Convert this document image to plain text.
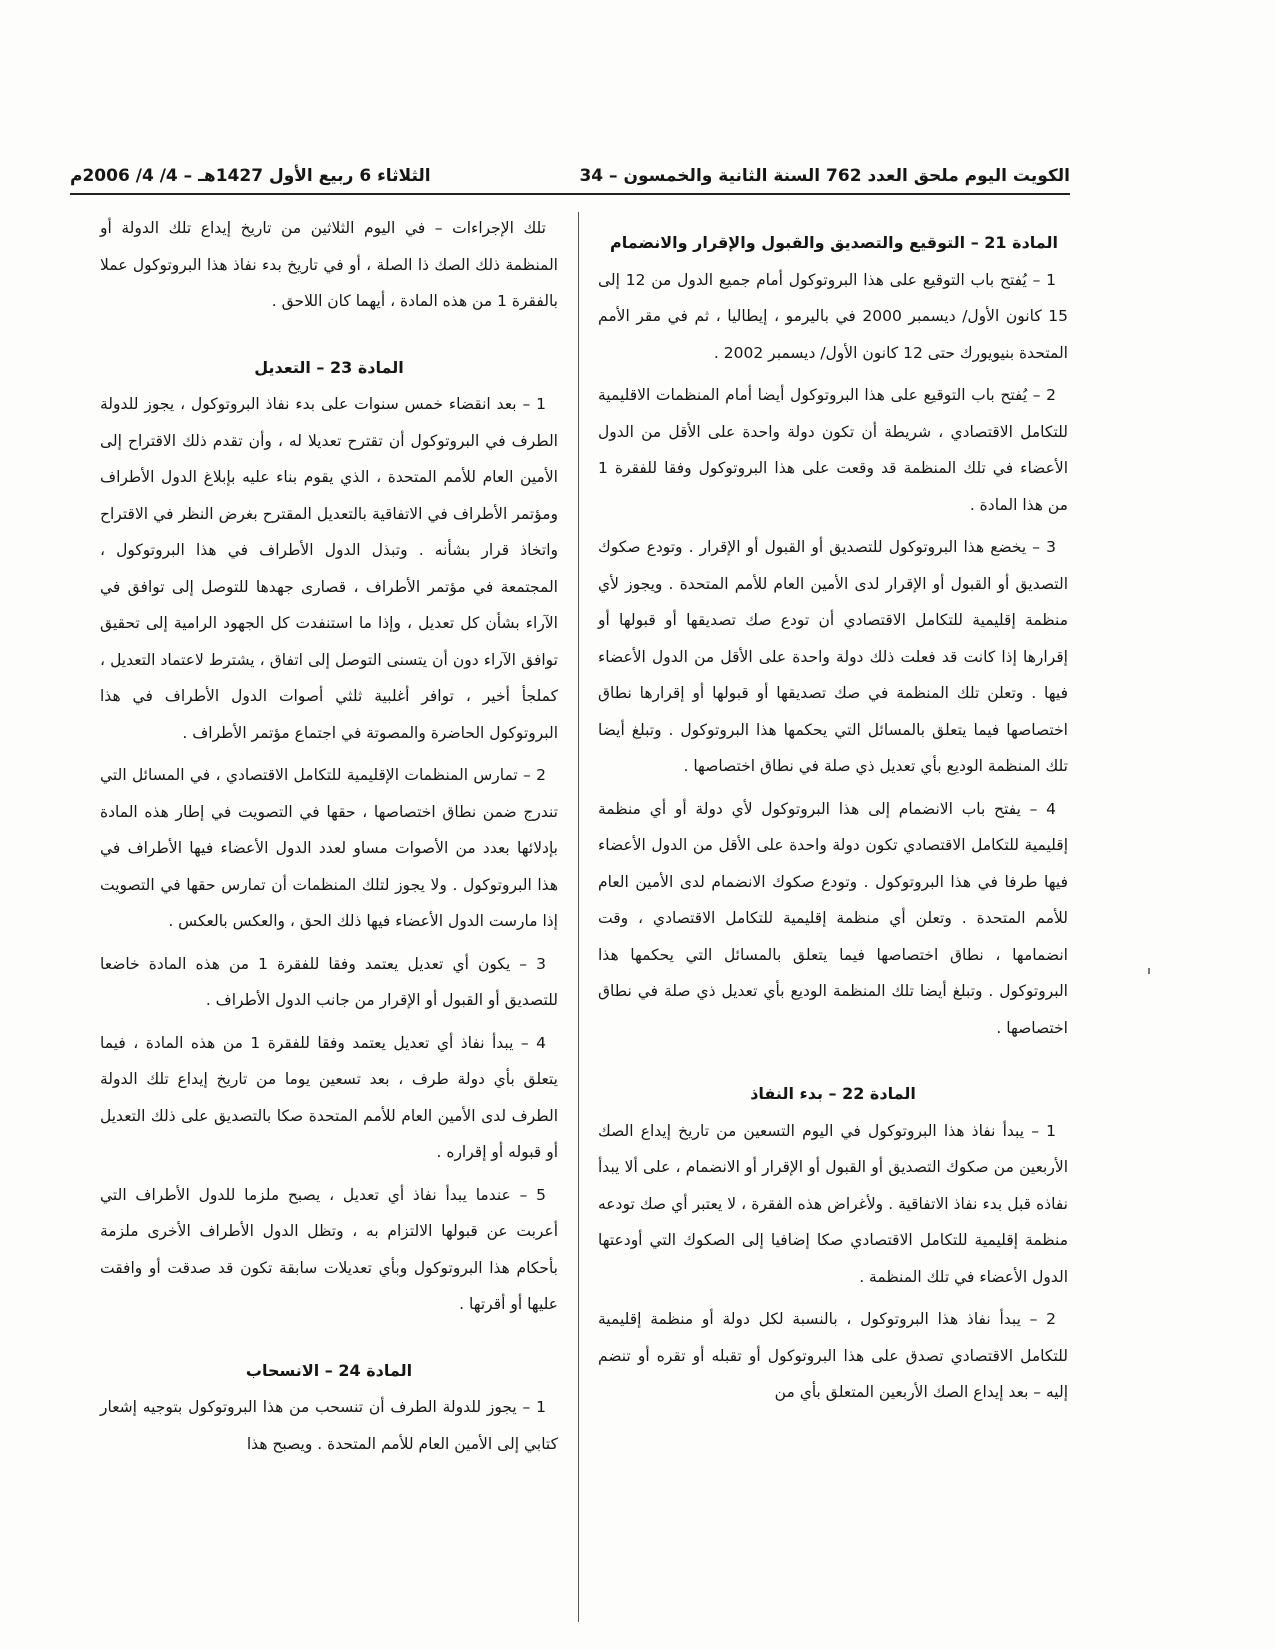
الكويت اليوم ملحق العدد 762 السنة الثانية والخمسون – 34
الثلاثاء 6 ربيع الأول 1427هـ – 4/ 4/ 2006م
المادة 21 – التوقيع والتصديق والقبول والإقرار والانضمام

1 – يُفتح باب التوقيع على هذا البروتوكول أمام جميع الدول من 12 إلى 15 كانون الأول/ ديسمبر 2000 في باليرمو ، إيطاليا ، ثم في مقر الأمم المتحدة بنيويورك حتى 12 كانون الأول/ ديسمبر 2002 .

2 – يُفتح باب التوقيع على هذا البروتوكول أيضا أمام المنظمات الاقليمية للتكامل الاقتصادي ، شريطة أن تكون دولة واحدة على الأقل من الدول الأعضاء في تلك المنظمة قد وقعت على هذا البروتوكول وفقا للفقرة 1 من هذا المادة .

3 – يخضع هذا البروتوكول للتصديق أو القبول أو الإقرار . وتودع صكوك التصديق أو القبول أو الإقرار لدى الأمين العام للأمم المتحدة . ويجوز لأي منظمة إقليمية للتكامل الاقتصادي أن تودع صك تصديقها أو قبولها أو إقرارها إذا كانت قد فعلت ذلك دولة واحدة على الأقل من الدول الأعضاء فيها . وتعلن تلك المنظمة في صك تصديقها أو قبولها أو إقرارها نطاق اختصاصها فيما يتعلق بالمسائل التي يحكمها هذا البروتوكول . وتبلغ أيضا تلك المنظمة الوديع بأي تعديل ذي صلة في نطاق اختصاصها .

4 – يفتح باب الانضمام إلى هذا البروتوكول لأي دولة أو أي منظمة إقليمية للتكامل الاقتصادي تكون دولة واحدة على الأقل من الدول الأعضاء فيها طرفا في هذا البروتوكول . وتودع صكوك الانضمام لدى الأمين العام للأمم المتحدة . وتعلن أي منظمة إقليمية للتكامل الاقتصادي ، وقت انضمامها ، نطاق اختصاصها فيما يتعلق بالمسائل التي يحكمها هذا البروتوكول . وتبلغ أيضا تلك المنظمة الوديع بأي تعديل ذي صلة في نطاق اختصاصها .

المادة 22 – بدء النفاذ

1 – يبدأ نفاذ هذا البروتوكول في اليوم التسعين من تاريخ إيداع الصك الأربعين من صكوك التصديق أو القبول أو الإقرار أو الانضمام ، على ألا يبدأ نفاذه قبل بدء نفاذ الاتفاقية . ولأغراض هذه الفقرة ، لا يعتبر أي صك تودعه منظمة إقليمية للتكامل الاقتصادي صكا إضافيا إلى الصكوك التي أودعتها الدول الأعضاء في تلك المنظمة .

2 – يبدأ نفاذ هذا البروتوكول ، بالنسبة لكل دولة أو منظمة إقليمية للتكامل الاقتصادي تصدق على هذا البروتوكول أو تقبله أو تقره أو تنضم إليه – بعد إيداع الصك الأربعين المتعلق بأي من

تلك الإجراءات – في اليوم الثلاثين من تاريخ إيداع تلك الدولة أو المنظمة ذلك الصك ذا الصلة ، أو في تاريخ بدء نفاذ هذا البروتوكول عملا بالفقرة 1 من هذه المادة ، أيهما كان اللاحق .

المادة 23 – التعديل

1 – بعد انقضاء خمس سنوات على بدء نفاذ البروتوكول ، يجوز للدولة الطرف في البروتوكول أن تقترح تعديلا له ، وأن تقدم ذلك الاقتراح إلى الأمين العام للأمم المتحدة ، الذي يقوم بناء عليه بإبلاغ الدول الأطراف ومؤتمر الأطراف في الاتفاقية بالتعديل المقترح بغرض النظر في الاقتراح واتخاذ قرار بشأنه . وتبذل الدول الأطراف في هذا البروتوكول ، المجتمعة في مؤتمر الأطراف ، قصارى جهدها للتوصل إلى توافق في الآراء بشأن كل تعديل ، وإذا ما استنفدت كل الجهود الرامية إلى تحقيق توافق الآراء دون أن يتسنى التوصل إلى اتفاق ، يشترط لاعتماد التعديل ، كملجأ أخير ، توافر أغلبية ثلثي أصوات الدول الأطراف في هذا البروتوكول الحاضرة والمصوتة في اجتماع مؤتمر الأطراف .

2 – تمارس المنظمات الإقليمية للتكامل الاقتصادي ، في المسائل التي تندرج ضمن نطاق اختصاصها ، حقها في التصويت في إطار هذه المادة بإدلائها بعدد من الأصوات مساو لعدد الدول الأعضاء فيها الأطراف في هذا البروتوكول . ولا يجوز لتلك المنظمات أن تمارس حقها في التصويت إذا مارست الدول الأعضاء فيها ذلك الحق ، والعكس بالعكس .

3 – يكون أي تعديل يعتمد وفقا للفقرة 1 من هذه المادة خاضعا للتصديق أو القبول أو الإقرار من جانب الدول الأطراف .

4 – يبدأ نفاذ أي تعديل يعتمد وفقا للفقرة 1 من هذه المادة ، فيما يتعلق بأي دولة طرف ، بعد تسعين يوما من تاريخ إيداع تلك الدولة الطرف لدى الأمين العام للأمم المتحدة صكا بالتصديق على ذلك التعديل أو قبوله أو إقراره .

5 – عندما يبدأ نفاذ أي تعديل ، يصبح ملزما للدول الأطراف التي أعربت عن قبولها الالتزام به ، وتظل الدول الأطراف الأخرى ملزمة بأحكام هذا البروتوكول وبأي تعديلات سابقة تكون قد صدقت أو وافقت عليها أو أقرتها .

المادة 24 – الانسحاب

1 – يجوز للدولة الطرف أن تنسحب من هذا البروتوكول بتوجيه إشعار كتابي إلى الأمين العام للأمم المتحدة . ويصبح هذا
